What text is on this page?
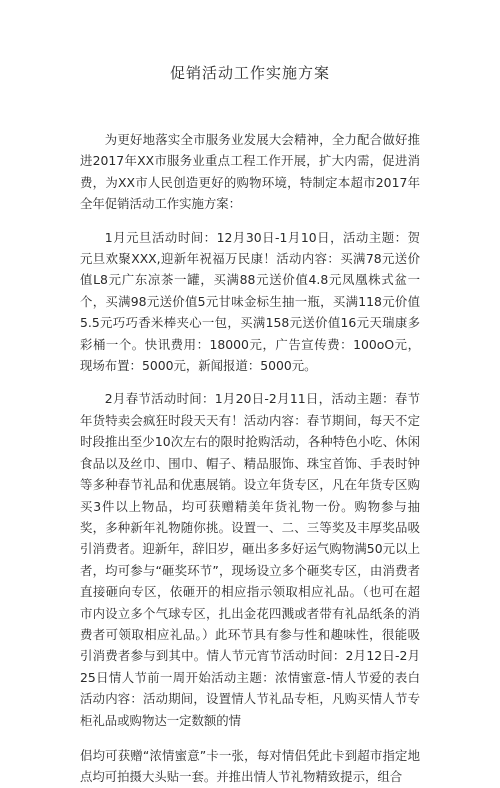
促销活动工作实施方案

为更好地落实全市服务业发展大会精神，全力配合做好推进2017年XX市服务业重点工程工作开展，扩大内需，促进消费，为XX市人民创造更好的购物环境，特制定本超市2017年全年促销活动工作实施方案：

1月元旦活动时间：12月30日-1月10日，活动主题：贺元旦欢聚XXX,迎新年祝福万民康！活动内容：买满78元送价值L8元广东凉茶一罐，买满88元送价值4.8元凤凰株式盆一个，买满98元送价值5元甘味金标生抽一瓶，买满118元价值5.5元巧巧香米棒夹心一包，买满158元送价值16元天瑞康多彩桶一个。快讯费用：18000元，广告宣传费：100oO元，现场布置：5000元，新闻报道：5000元。

2月春节活动时间：1月20日-2月11日，活动主题：春节年货特卖会疯狂时段天天有！活动内容：春节期间，每天不定时段推出至少10次左右的限时抢购活动，各种特色小吃、休闲食品以及丝巾、围巾、帽子、精品服饰、珠宝首饰、手表时钟等多种春节礼品和优惠展销。设立年货专区，凡在年货专区购买3件以上物品，均可获赠精美年货礼物一份。购物参与抽奖，多种新年礼物随你挑。设置一、二、三等奖及丰厚奖品吸引消费者。迎新年，辞旧岁，砸出多多好运气购物满50元以上者，均可参与“砸奖环节”，现场设立多个砸奖专区，由消费者直接砸向专区，依砸开的相应指示领取相应礼品。（也可在超市内设立多个气球专区，扎出金花四溅或者带有礼品纸条的消费者可领取相应礼品。）此环节具有参与性和趣味性，很能吸引消费者参与到其中。情人节元宵节活动时间：2月12日-2月25日情人节前一周开始活动主题：浓情蜜意-情人节爱的表白活动内容：活动期间，设置情人节礼品专柜，凡购买情人节专柜礼品或购物达一定数额的情

侣均可获赠“浓情蜜意”卡一张，每对情侣凭此卡到超市指定地点均可拍摄大头贴一套。并推出情人节礼物精致提示，组合
